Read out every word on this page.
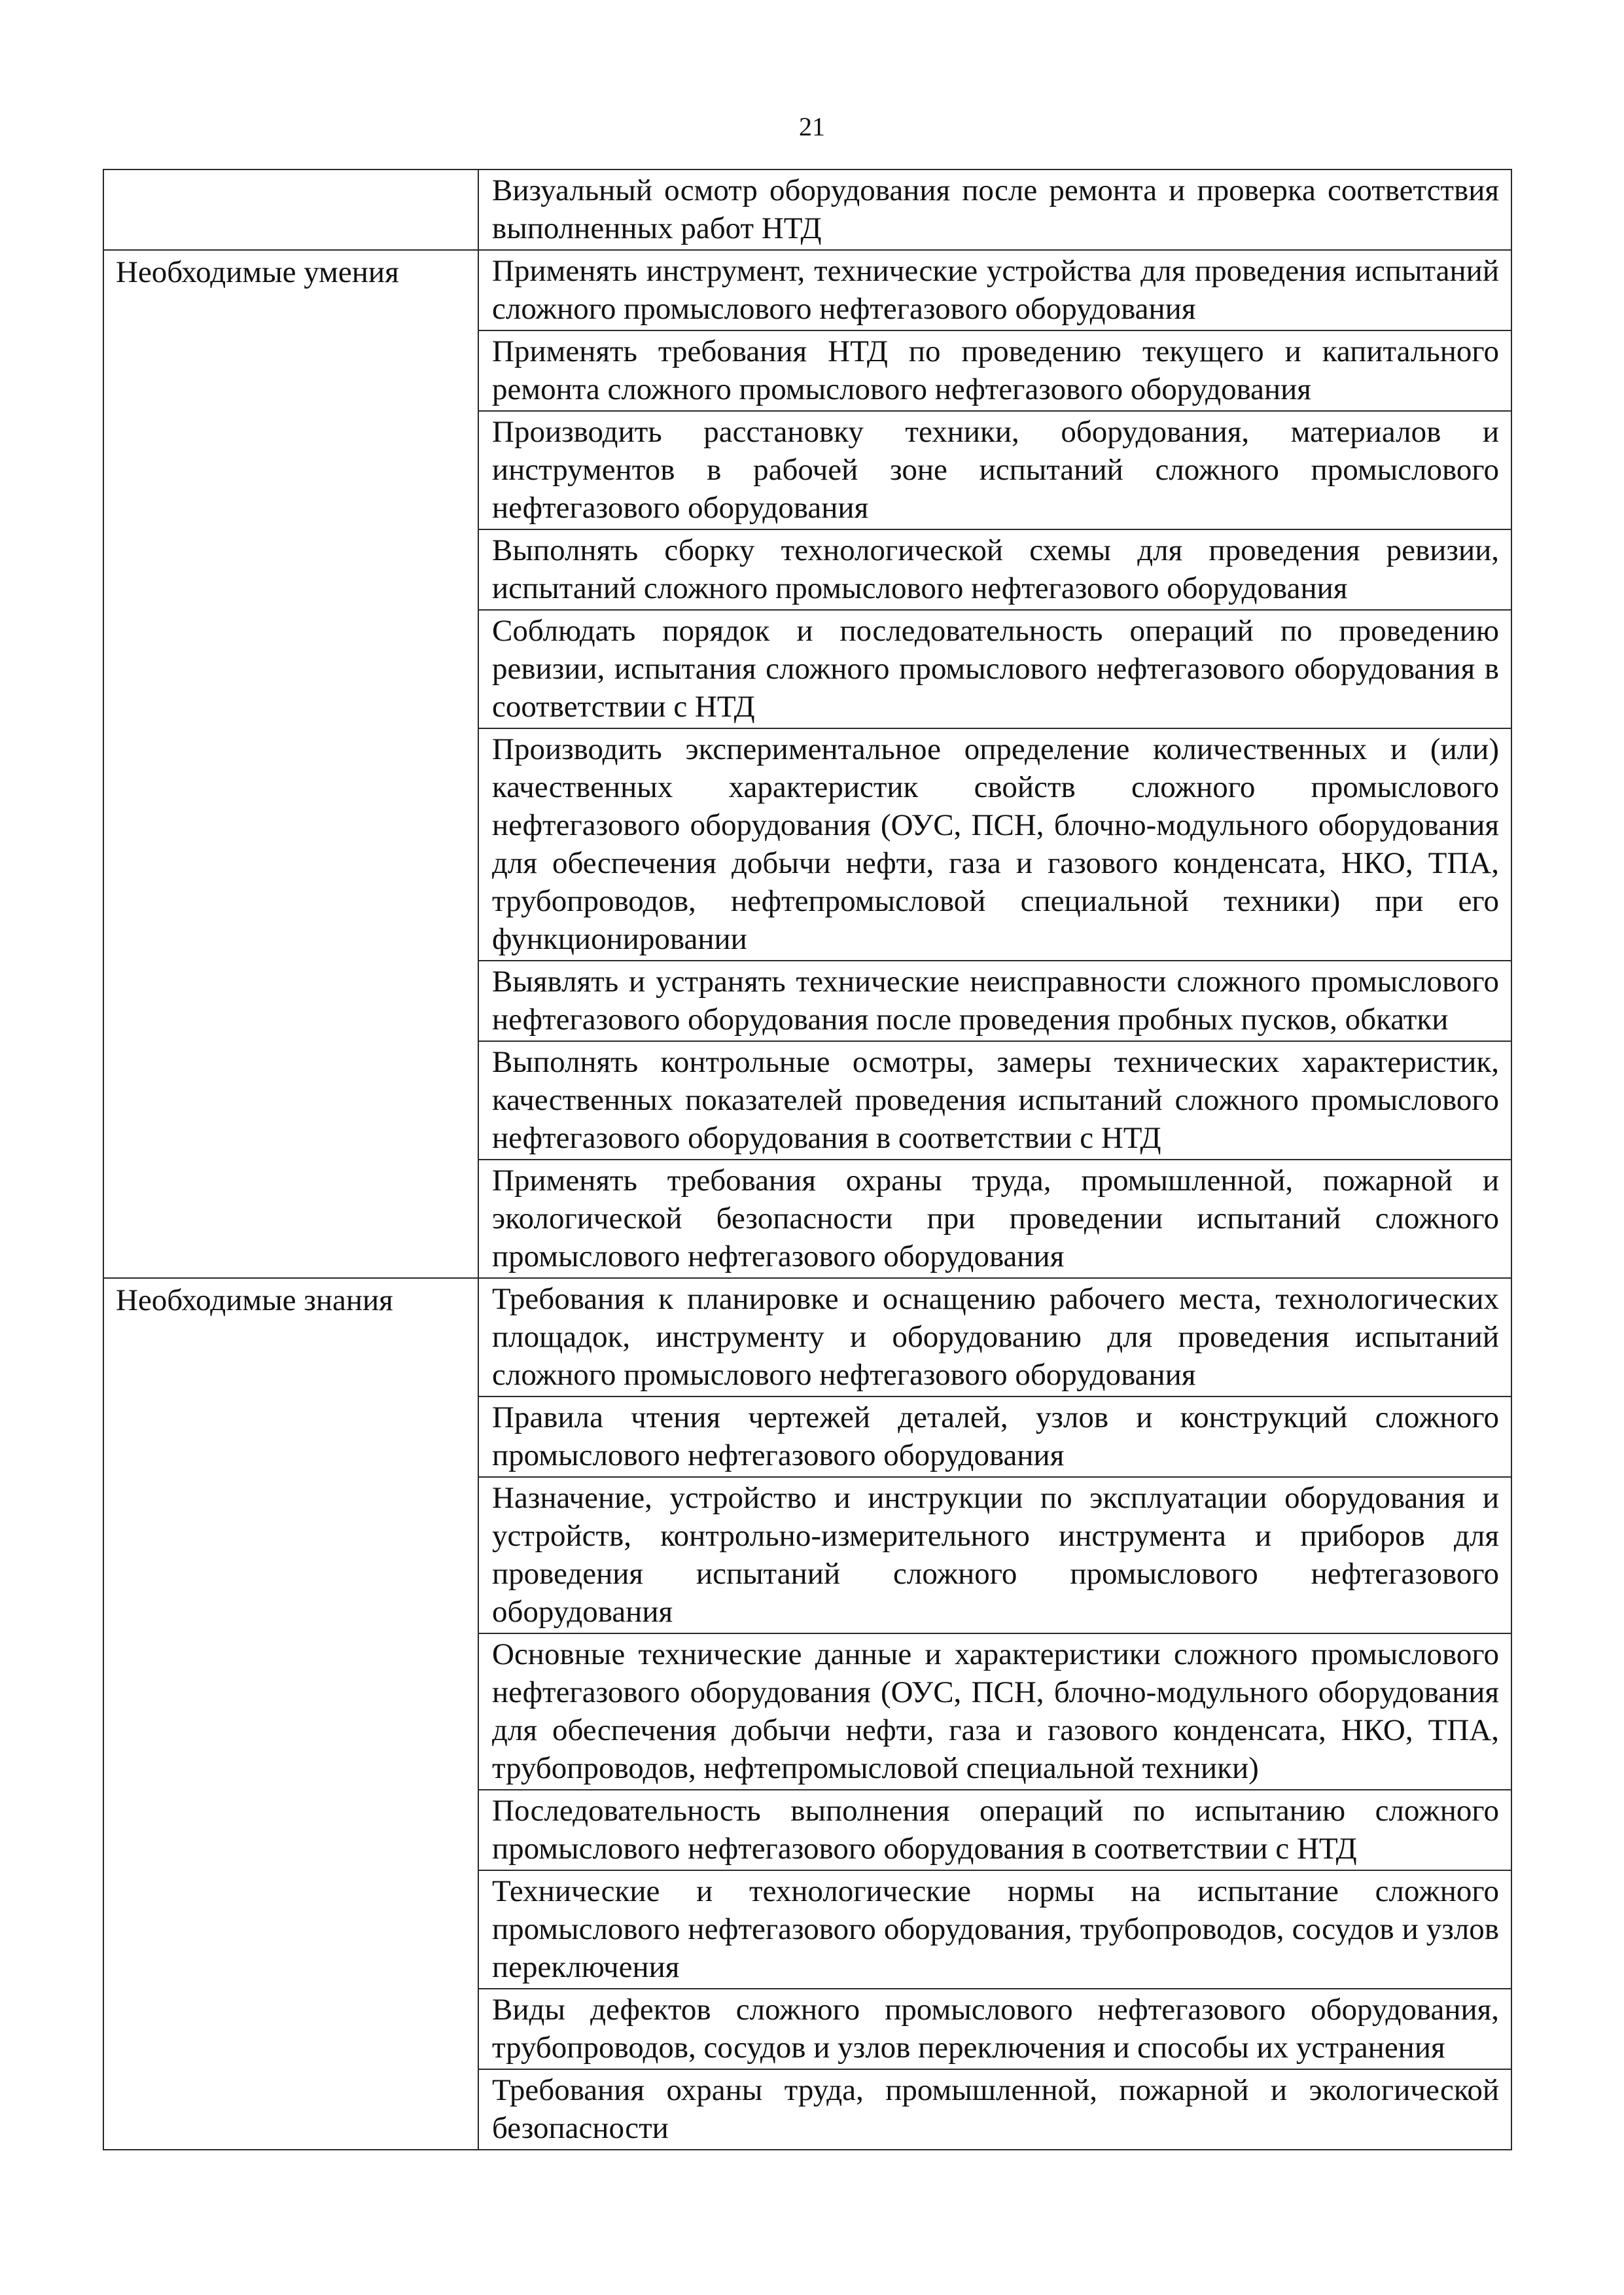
21
	Визуальный осмотр оборудования после ремонта и проверка соответствия выполненных работ НТД
Необходимые умения	Применять инструмент, технические устройства для проведения испытаний сложного промыслового нефтегазового оборудования
	Применять требования НТД по проведению текущего и капитального ремонта сложного промыслового нефтегазового оборудования
	Производить расстановку техники, оборудования, материалов и инструментов в рабочей зоне испытаний сложного промыслового нефтегазового оборудования
	Выполнять сборку технологической схемы для проведения ревизии, испытаний сложного промыслового нефтегазового оборудования
	Соблюдать порядок и последовательность операций по проведению ревизии, испытания сложного промыслового нефтегазового оборудования в соответствии с НТД
	Производить экспериментальное определение количественных и (или) качественных характеристик свойств сложного промыслового нефтегазового оборудования (ОУС, ПСН, блочно-модульного оборудования для обеспечения добычи нефти, газа и газового конденсата, НКО, ТПА, трубопроводов, нефтепромысловой специальной техники) при его функционировании
	Выявлять и устранять технические неисправности сложного промыслового нефтегазового оборудования после проведения пробных пусков, обкатки
	Выполнять контрольные осмотры, замеры технических характеристик, качественных показателей проведения испытаний сложного промыслового нефтегазового оборудования в соответствии с НТД
	Применять требования охраны труда, промышленной, пожарной и экологической безопасности при проведении испытаний сложного промыслового нефтегазового оборудования
Необходимые знания	Требования к планировке и оснащению рабочего места, технологических площадок, инструменту и оборудованию для проведения испытаний сложного промыслового нефтегазового оборудования
	Правила чтения чертежей деталей, узлов и конструкций сложного промыслового нефтегазового оборудования
	Назначение, устройство и инструкции по эксплуатации оборудования и устройств, контрольно-измерительного инструмента и приборов для проведения испытаний сложного промыслового нефтегазового оборудования
	Основные технические данные и характеристики сложного промыслового нефтегазового оборудования (ОУС, ПСН, блочно-модульного оборудования для обеспечения добычи нефти, газа и газового конденсата, НКО, ТПА, трубопроводов, нефтепромысловой специальной техники)
	Последовательность выполнения операций по испытанию сложного промыслового нефтегазового оборудования в соответствии с НТД
	Технические и технологические нормы на испытание сложного промыслового нефтегазового оборудования, трубопроводов, сосудов и узлов переключения
	Виды дефектов сложного промыслового нефтегазового оборудования, трубопроводов, сосудов и узлов переключения и способы их устранения
	Требования охраны труда, промышленной, пожарной и экологической безопасности
